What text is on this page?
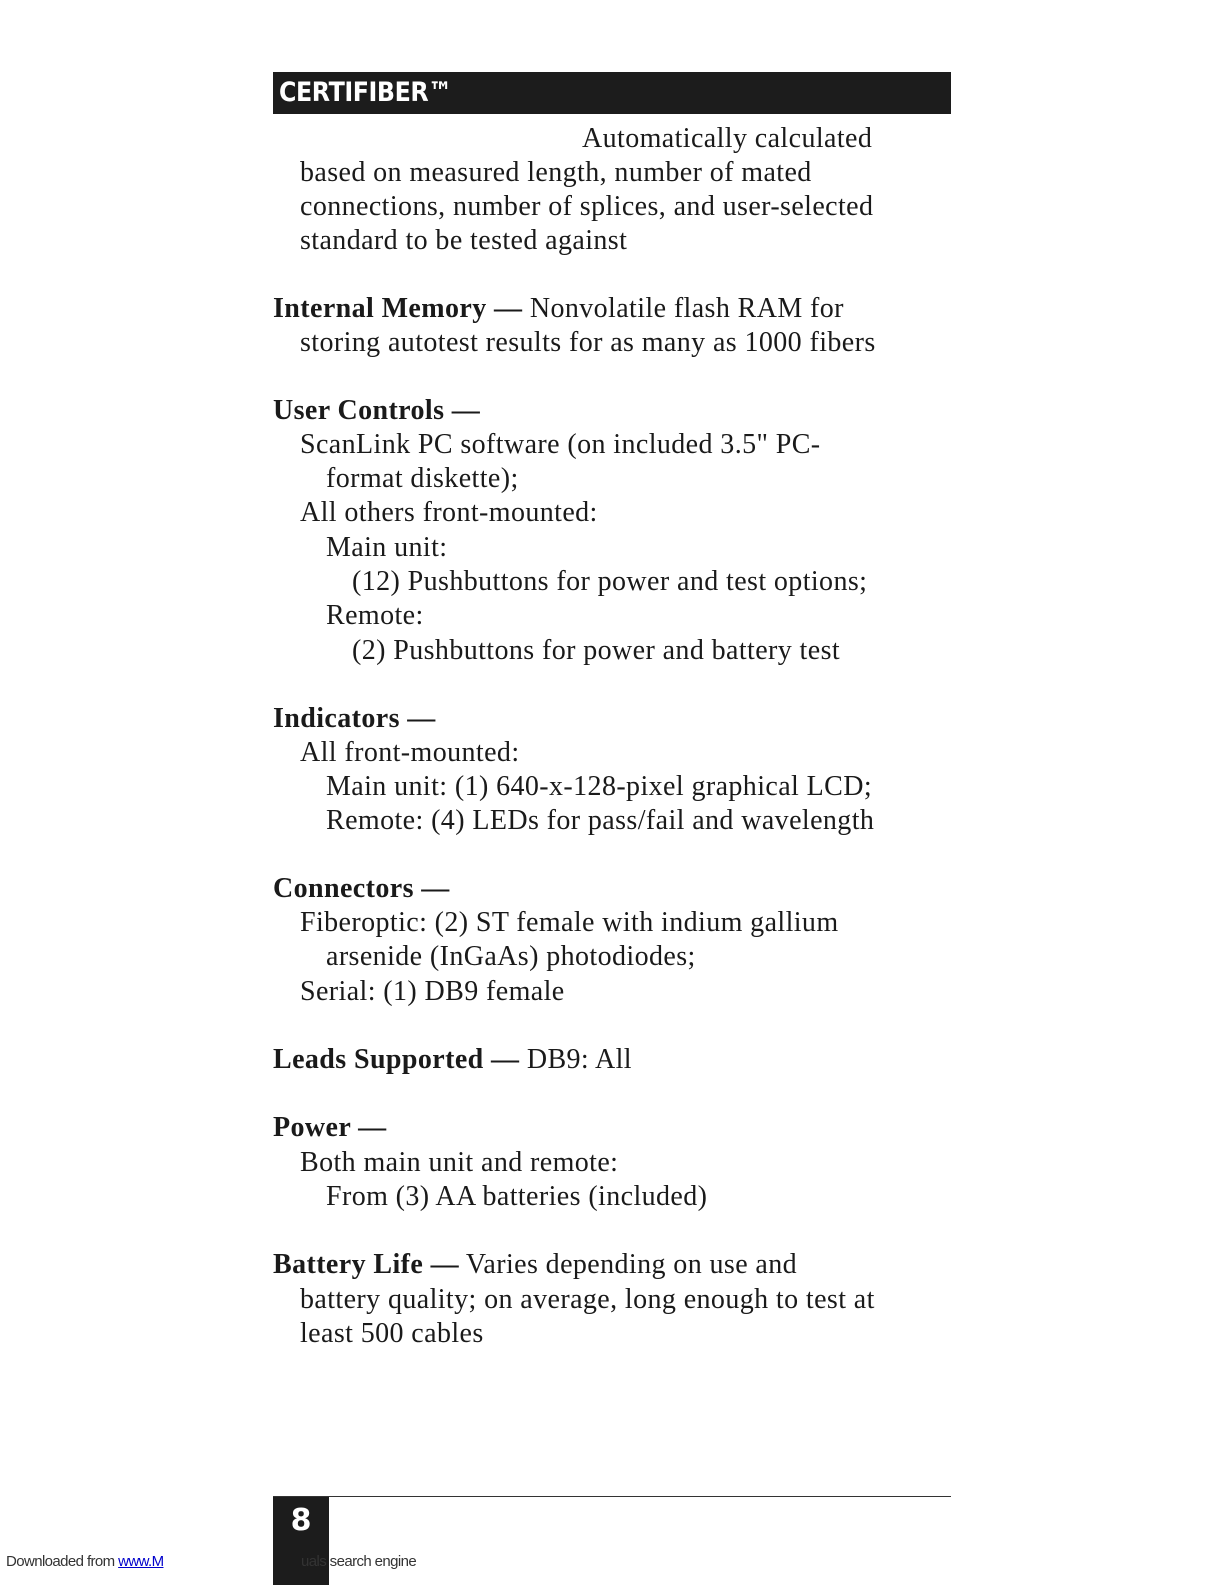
CERTIFIBER™
Automatically calculated
based on measured length, number of mated
connections, number of splices, and user-selected
standard to be tested against
Internal Memory — Nonvolatile flash RAM for
storing autotest results for as many as 1000 fibers
User Controls —
ScanLink PC software (on included 3.5" PC-
format diskette);
All others front-mounted:
Main unit:
(12) Pushbuttons for power and test options;
Remote:
(2) Pushbuttons for power and battery test
Indicators —
All front-mounted:
Main unit: (1) 640-x-128-pixel graphical LCD;
Remote: (4) LEDs for pass/fail and wavelength
Connectors —
Fiberoptic: (2) ST female with indium gallium
arsenide (InGaAs) photodiodes;
Serial: (1) DB9 female
Leads Supported — DB9: All
Power —
Both main unit and remote:
From (3) AA batteries (included)
Battery Life — Varies depending on use and
battery quality; on average, long enough to test at
least 500 cables
8
Downloaded from www.M	uals search engine
